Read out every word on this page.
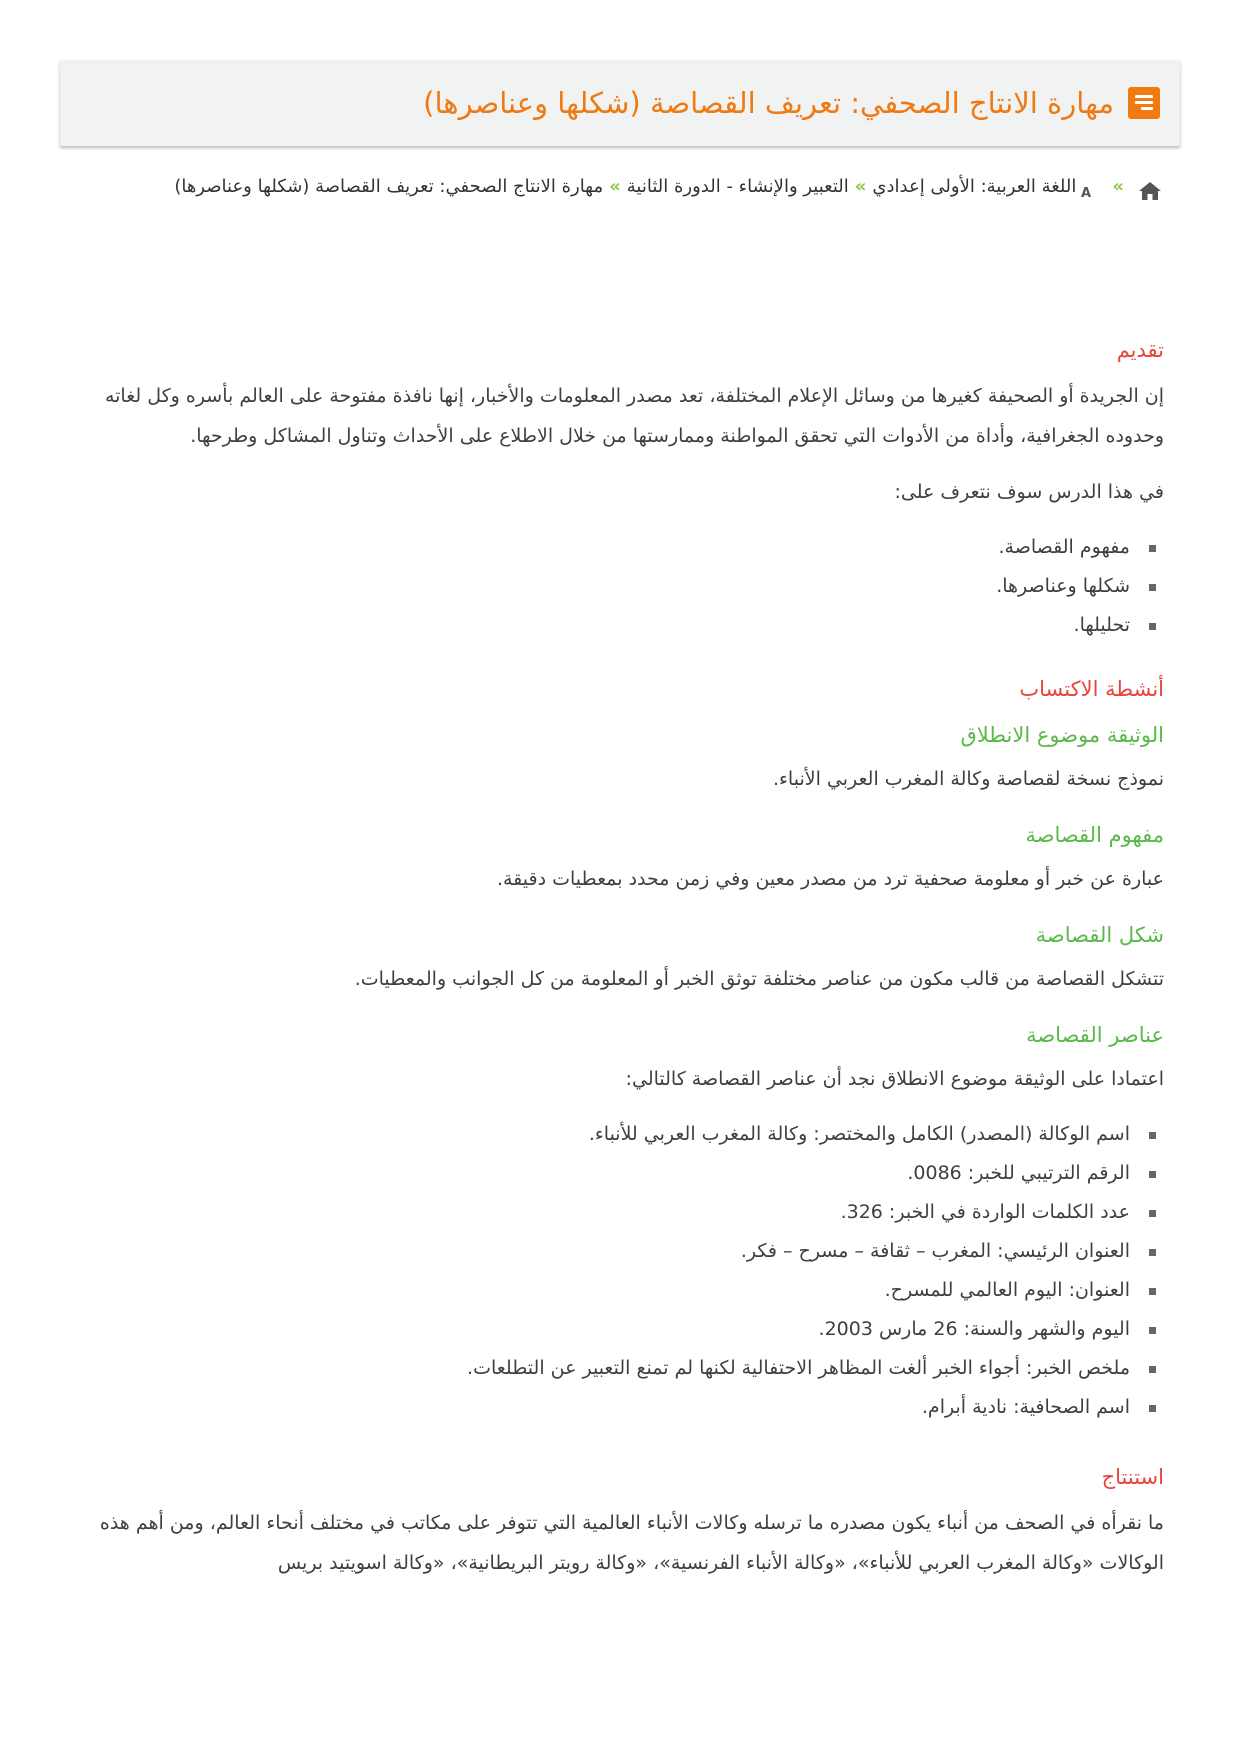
مهارة الانتاج الصحفي: تعريف القصاصة (شكلها وعناصرها)
»
A
اللغة العربية: الأولى إعدادي»التعبير والإنشاء - الدورة الثانية»مهارة الانتاج الصحفي: تعريف القصاصة (شكلها وعناصرها)
تقديم

إن الجريدة أو الصحيفة كغيرها من وسائل الإعلام المختلفة، تعد مصدر المعلومات والأخبار، إنها نافذة مفتوحة على العالم بأسره وكل لغاته وحدوده الجغرافية، وأداة من الأدوات التي تحقق المواطنة وممارستها من خلال الاطلاع على الأحداث وتناول المشاكل وطرحها.

في هذا الدرس سوف نتعرف على:

مفهوم القصاصة.
شكلها وعناصرها.
تحليلها.
أنشطة الاكتساب
الوثيقة موضوع الانطلاق

نموذج نسخة لقصاصة وكالة المغرب العربي الأنباء.

مفهوم القصاصة

عبارة عن خبر أو معلومة صحفية ترد من مصدر معين وفي زمن محدد بمعطيات دقيقة.

شكل القصاصة

تتشكل القصاصة من قالب مكون من عناصر مختلفة توثق الخبر أو المعلومة من كل الجوانب والمعطيات.

عناصر القصاصة

اعتمادا على الوثيقة موضوع الانطلاق نجد أن عناصر القصاصة كالتالي:

اسم الوكالة (المصدر) الكامل والمختصر: وكالة المغرب العربي للأنباء.
الرقم الترتيبي للخبر: 0086.
عدد الكلمات الواردة في الخبر: 326.
العنوان الرئيسي: المغرب – ثقافة – مسرح – فكر.
العنوان: اليوم العالمي للمسرح.
اليوم والشهر والسنة: 26 مارس 2003.
ملخص الخبر: أجواء الخبر ألغت المظاهر الاحتفالية لكنها لم تمنع التعبير عن التطلعات.
اسم الصحافية: نادية أبرام.
استنتاج

ما نقرأه في الصحف من أنباء يكون مصدره ما ترسله وكالات الأنباء العالمية التي تتوفر على مكاتب في مختلف أنحاء العالم، ومن أهم هذه الوكالات «وكالة المغرب العربي للأنباء»، «وكالة الأنباء الفرنسية»، «وكالة رويتر البريطانية»، «وكالة اسويتيد بريس
